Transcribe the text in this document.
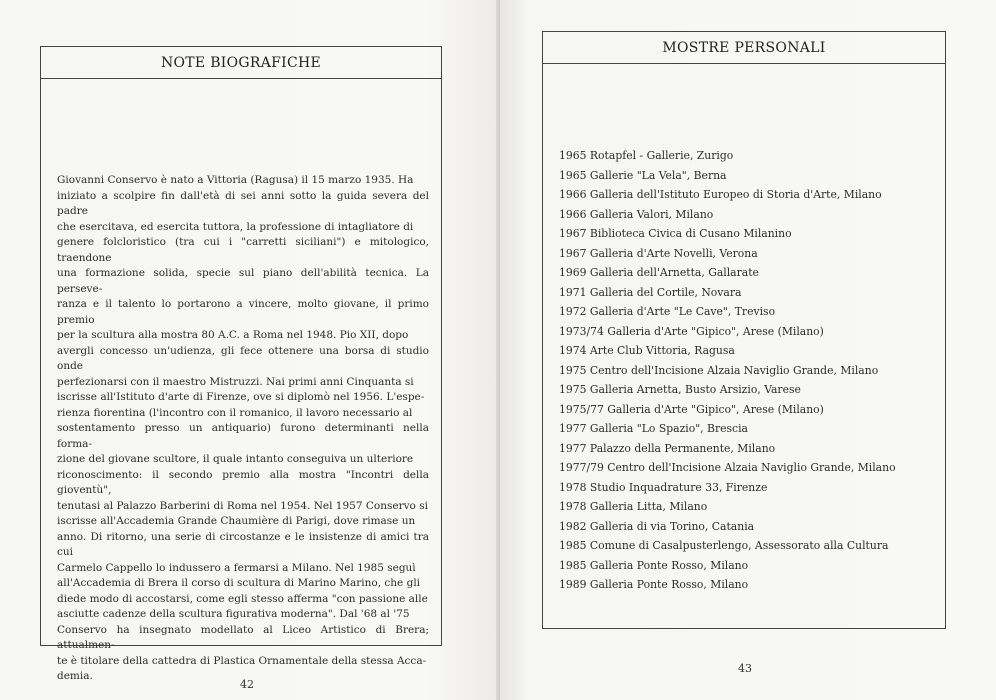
NOTE BIOGRAFICHE

Giovanni Conservo è nato a Vittoria (Ragusa) il 15 marzo 1935. Ha
iniziato a scolpire fin dall'età di sei anni sotto la guida severa del padre
che esercitava, ed esercita tuttora, la professione di intagliatore di
genere folcloristico (tra cui i "carretti siciliani") e mitologico, traendone
una formazione solida, specie sul piano dell'abilità tecnica. La perseve-
ranza e il talento lo portarono a vincere, molto giovane, il primo premio
per la scultura alla mostra 80 A.C. a Roma nel 1948. Pio XII, dopo
avergli concesso un'udienza, gli fece ottenere una borsa di studio onde
perfezionarsi con il maestro Mistruzzi. Nai primi anni Cinquanta si
iscrisse all'Istituto d'arte di Firenze, ove si diplomò nel 1956. L'espe-
rienza fiorentina (l'incontro con il romanico, il lavoro necessario al
sostentamento presso un antiquario) furono determinanti nella forma-
zione del giovane scultore, il quale intanto conseguiva un ulteriore
riconoscimento: il secondo premio alla mostra "Incontri della gioventù",
tenutasi al Palazzo Barberini di Roma nel 1954. Nel 1957 Conservo si
iscrisse all'Accademia Grande Chaumière di Parigi, dove rimase un
anno. Di ritorno, una serie di circostanze e le insistenze di amici tra cui
Carmelo Cappello lo indussero a fermarsi a Milano. Nel 1985 seguì
all'Accademia di Brera il corso di scultura di Marino Marino, che gli
diede modo di accostarsi, come egli stesso afferma "con passione alle
asciutte cadenze della scultura figurativa moderna". Dal '68 al '75
Conservo ha insegnato modellato al Liceo Artistico di Brera; attualmen-
te è titolare della cattedra di Plastica Ornamentale della stessa Acca-
demia.

42
MOSTRE PERSONALI
1965 Rotapfel - Gallerie, Zurigo
1965 Gallerie "La Vela", Berna
1966 Galleria dell'Istituto Europeo di Storia d'Arte, Milano
1966 Galleria Valori, Milano
1967 Biblioteca Civica di Cusano Milanino
1967 Galleria d'Arte Novelli, Verona
1969 Galleria dell'Arnetta, Gallarate
1971 Galleria del Cortile, Novara
1972 Galleria d'Arte "Le Cave", Treviso
1973/74 Galleria d'Arte "Gipico", Arese (Milano)
1974 Arte Club Vittoria, Ragusa
1975 Centro dell'Incisione Alzaia Naviglio Grande, Milano
1975 Galleria Arnetta, Busto Arsizio, Varese
1975/77 Galleria d'Arte "Gipico", Arese (Milano)
1977 Galleria "Lo Spazio", Brescia
1977 Palazzo della Permanente, Milano
1977/79 Centro dell'Incisione Alzaia Naviglio Grande, Milano
1978 Studio Inquadrature 33, Firenze
1978 Galleria Litta, Milano
1982 Galleria di via Torino, Catania
1985 Comune di Casalpusterlengo, Assessorato alla Cultura
1985 Galleria Ponte Rosso, Milano
1989 Galleria Ponte Rosso, Milano
43
